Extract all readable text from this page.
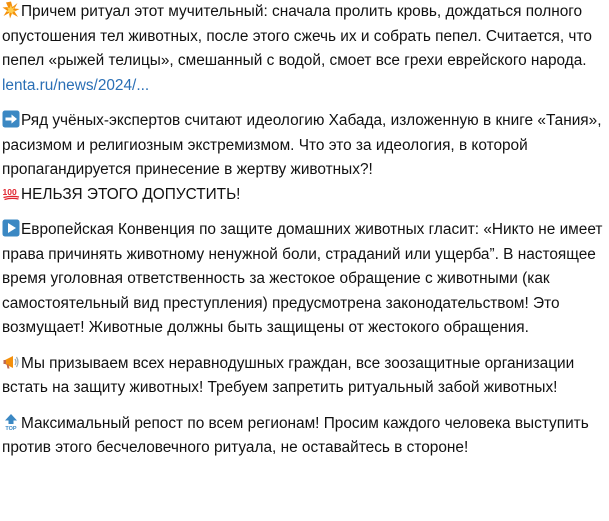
Причем ритуал этот мучительный: сначала пролить кровь, дождаться полного опустошения тел животных, после этого сжечь их и собрать пепел. Считается, что пепел «рыжей телицы», смешанный с водой, смоет все грехи еврейского народа.

lenta.ru/news/2024/...

Ряд учёных-экспертов считают идеологию Хабада, изложенную в книге «Тания», расизмом и религиозным экстремизмом. Что это за идеология, в которой пропагандируется принесение в жертву животных?!

100 НЕЛЬЗЯ ЭТОГО ДОПУСТИТЬ!

Европейская Конвенция по защите домашних животных гласит: «Никто не имеет права причинять животному ненужной боли, страданий или ущерба”. В настоящее время уголовная ответственность за жестокое обращение с животными (как самостоятельный вид преступления) предусмотрена законодательством! Это возмущает! Животные должны быть защищены от жестокого обращения.

Мы призываем всех неравнодушных граждан, все зоозащитные организации встать на защиту животных! Требуем запретить ритуальный забой животных!

TOP Максимальный репост по всем регионам! Просим каждого человека выступить против этого бесчеловечного ритуала, не оставайтесь в стороне!
